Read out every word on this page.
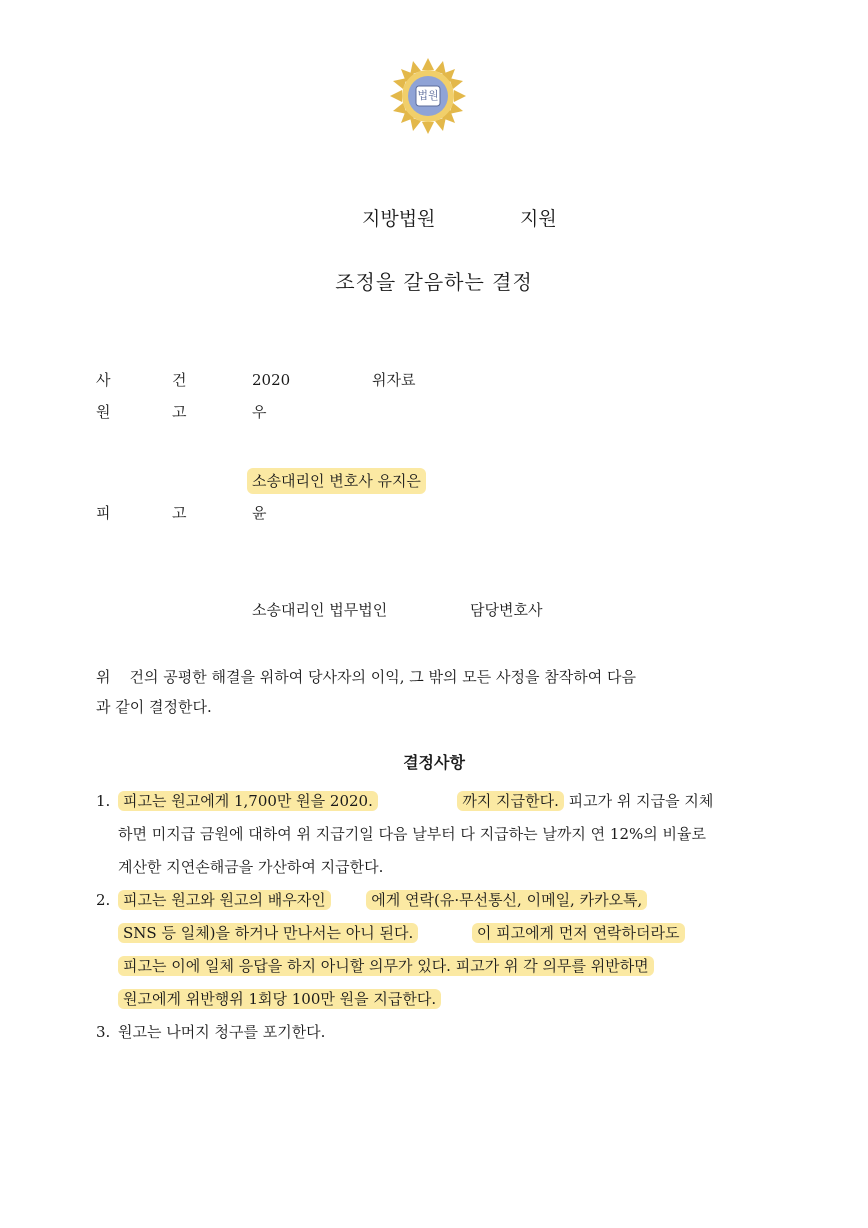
법원
지방법원	지원
조정을 갈음하는 결정
사	건	2020	위자료
원	고	우
소송대리인 변호사 유지은
피	고	윤
소송대리인 법무법인	담당변호사
위    건의 공평한 해결을 위하여 당사자의 이익, 그 밖의 모든 사정을 참작하여 다음
과 같이 결정한다.
결정사항
1. 피고는 원고에게 1,700만 원을 2020.	까지 지급한다. 피고가 위 지급을 지체
하면 미지급 금원에 대하여 위 지급기일 다음 날부터 다 지급하는 날까지 연 12%의 비율로
계산한 지연손해금을 가산하여 지급한다.
2. 피고는 원고와 원고의 배우자인	에게 연락(유·무선통신, 이메일, 카카오톡,
SNS 등 일체)을 하거나 만나서는 아니 된다.	이 피고에게 먼저 연락하더라도
피고는 이에 일체 응답을 하지 아니할 의무가 있다. 피고가 위 각 의무를 위반하면
원고에게 위반행위 1회당 100만 원을 지급한다.
3. 원고는 나머지 청구를 포기한다.
